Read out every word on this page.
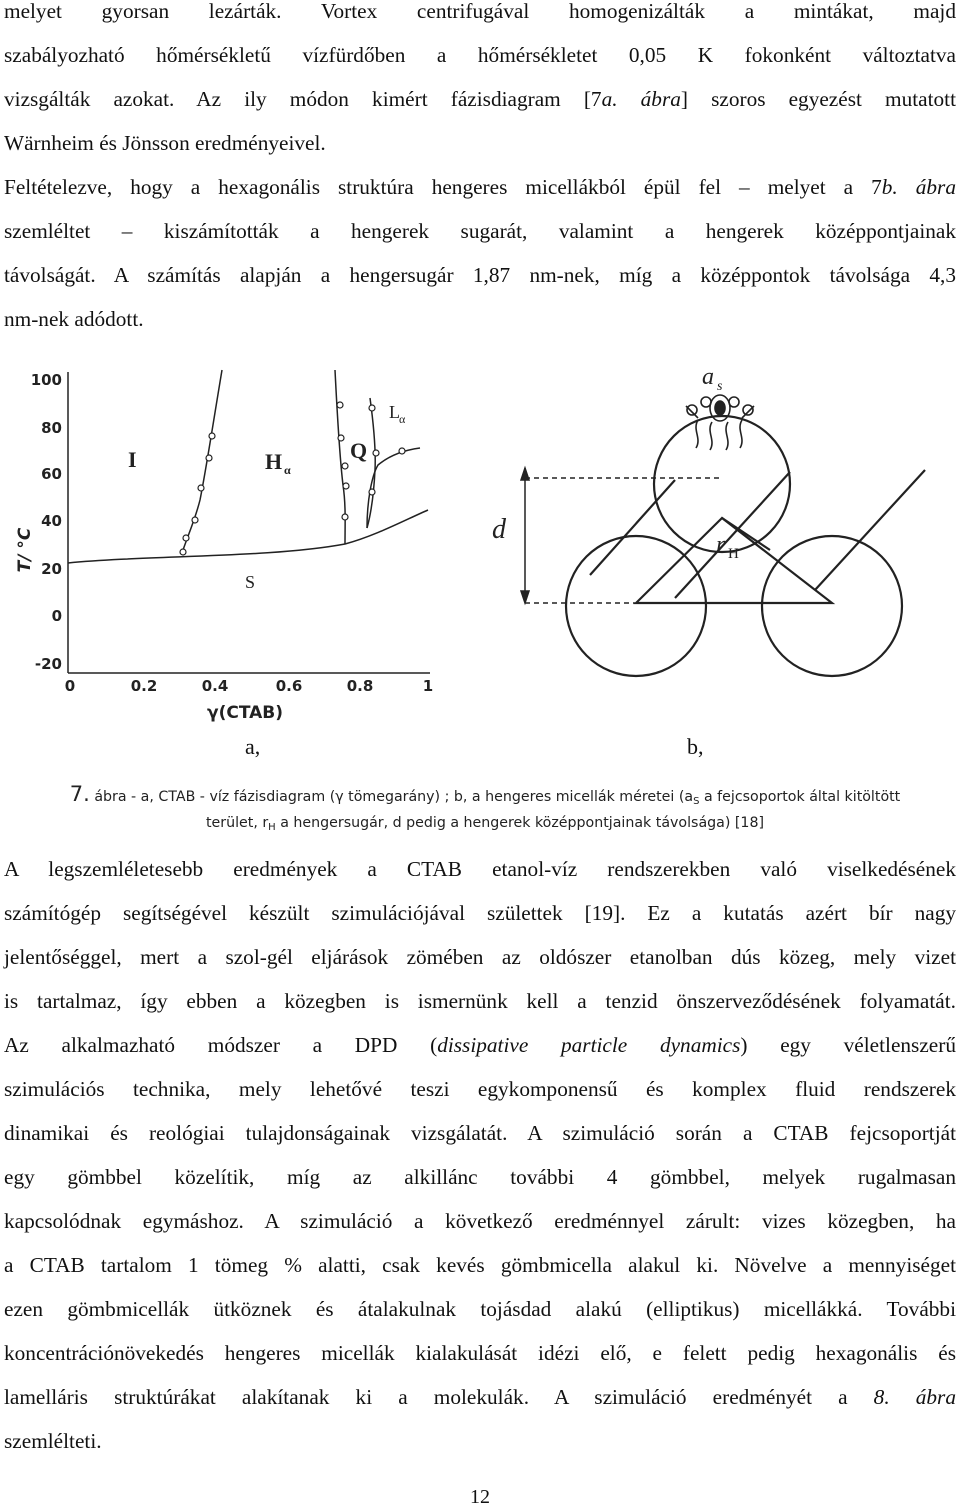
melyet gyorsan lezárták. Vortex centrifugával homogenizálták a mintákat, majd
szabályozható hőmérsékletű vízfürdőben a hőmérsékletet 0,05 K fokonként változtatva
vizsgálták azokat. Az ily módon kimért fázisdiagram [7a. ábra] szoros egyezést mutatott
Wärnheim és Jönsson eredményeivel.
Feltételezve, hogy a hexagonális struktúra hengeres micellákból épül fel – melyet a 7b. ábra
szemléltet – kiszámították a hengerek sugarát, valamint a hengerek középpontjainak
távolságát. A számítás alapján a hengersugár 1,87 nm-nek, míg a középpontok távolsága 4,3
nm-nek adódott.
100
80
60
40
20
0
-20
0	0.2	0.4	0.6	0.8	1
T/ °C
γ(CTAB)
I	H α
Q
L α
S
a s
d	r H
a,	b,
7. ábra - a, CTAB - víz fázisdiagram (γ tömegarány) ; b, a hengeres micellák méretei ($a_S$ a fejcsoportok által kitöltött
terület, $r_H$ a hengersugár, d pedig a hengerek középpontjainak távolsága) [18]
A legszemléletesebb eredmények a CTAB etanol-víz rendszerekben való viselkedésének
számítógép segítségével készült szimulációjával születtek [19]. Ez a kutatás azért bír nagy
jelentőséggel, mert a szol-gél eljárások zömében az oldószer etanolban dús közeg, mely vizet
is tartalmaz, így ebben a közegben is ismernünk kell a tenzid önszerveződésének folyamatát.
Az alkalmazható módszer a DPD (dissipative particle dynamics) egy véletlenszerű
szimulációs technika, mely lehetővé teszi egykomponensű és komplex fluid rendszerek
dinamikai és reológiai tulajdonságainak vizsgálatát. A szimuláció során a CTAB fejcsoportját
egy gömbbel közelítik, míg az alkillánc további 4 gömbbel, melyek rugalmasan
kapcsolódnak egymáshoz. A szimuláció a következő eredménnyel zárult: vizes közegben, ha
a CTAB tartalom 1 tömeg % alatti, csak kevés gömbmicella alakul ki. Növelve a mennyiséget
ezen gömbmicellák ütköznek és átalakulnak tojásdad alakú (elliptikus) micellákká. További
koncentrációnövekedés hengeres micellák kialakulását idézi elő, e felett pedig hexagonális és
lamelláris struktúrákat alakítanak ki a molekulák. A szimuláció eredményét a 8. ábra
szemlélteti.
12
